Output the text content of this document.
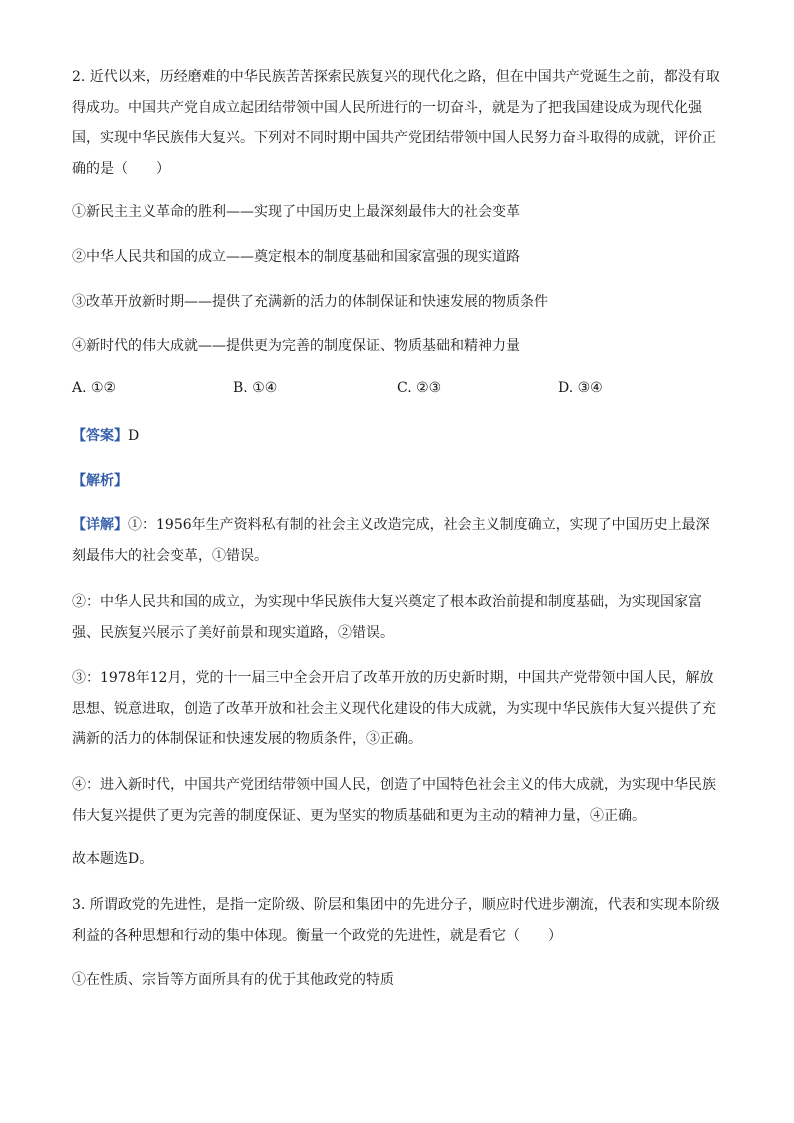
2. 近代以来，历经磨难的中华民族苦苦探索民族复兴的现代化之路，但在中国共产党诞生之前，都没有取得成功。中国共产党自成立起团结带领中国人民所进行的一切奋斗，就是为了把我国建设成为现代化强国，实现中华民族伟大复兴。下列对不同时期中国共产党团结带领中国人民努力奋斗取得的成就，评价正确的是（　　）

①新民主主义革命的胜利——实现了中国历史上最深刻最伟大的社会变革
②中华人民共和国的成立——奠定根本的制度基础和国家富强的现实道路
③改革开放新时期——提供了充满新的活力的体制保证和快速发展的物质条件
④新时代的伟大成就——提供更为完善的制度保证、物质基础和精神力量
A. ①②	B. ①④	C. ②③	D. ③④
【答案】D
【解析】

【详解】①：1956年生产资料私有制的社会主义改造完成，社会主义制度确立，实现了中国历史上最深刻最伟大的社会变革，①错误。

②：中华人民共和国的成立，为实现中华民族伟大复兴奠定了根本政治前提和制度基础，为实现国家富强、民族复兴展示了美好前景和现实道路，②错误。

③：1978年12月，党的十一届三中全会开启了改革开放的历史新时期，中国共产党带领中国人民，解放思想、锐意进取，创造了改革开放和社会主义现代化建设的伟大成就，为实现中华民族伟大复兴提供了充满新的活力的体制保证和快速发展的物质条件，③正确。

④：进入新时代，中国共产党团结带领中国人民，创造了中国特色社会主义的伟大成就，为实现中华民族伟大复兴提供了更为完善的制度保证、更为坚实的物质基础和更为主动的精神力量，④正确。

故本题选D。

3. 所谓政党的先进性，是指一定阶级、阶层和集团中的先进分子，顺应时代进步潮流，代表和实现本阶级利益的各种思想和行动的集中体现。衡量一个政党的先进性，就是看它（　　）

①在性质、宗旨等方面所具有的优于其他政党的特质
